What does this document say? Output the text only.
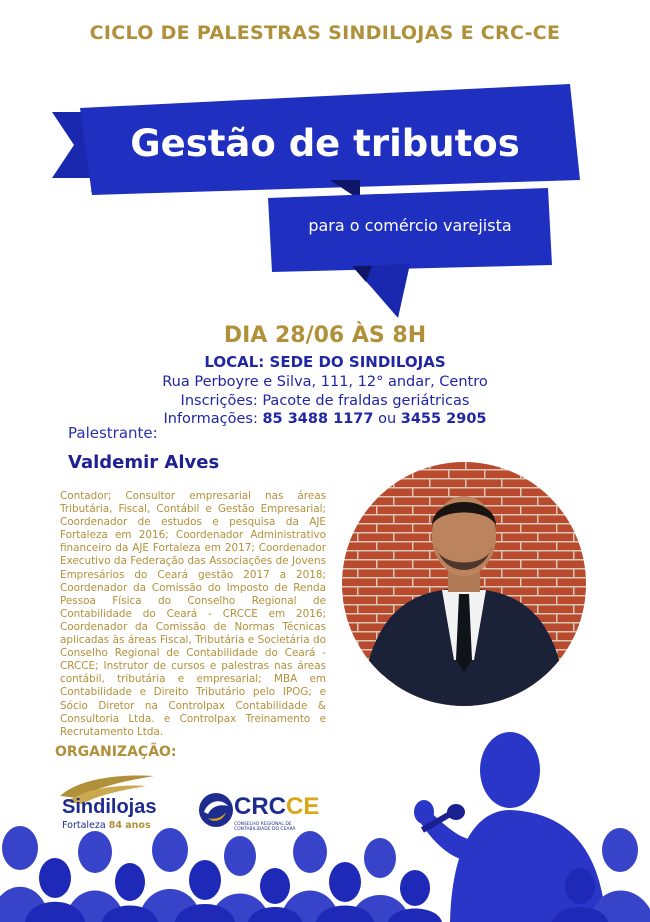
CICLO DE PALESTRAS SINDILOJAS E CRC-CE
Gestão de tributos
para o comércio varejista
DIA 28/06 ÀS 8H
LOCAL: SEDE DO SINDILOJAS
Rua Perboyre e Silva, 111, 12° andar, Centro
Inscrições: Pacote de fraldas geriátricas
Informações: 85 3488 1177 ou 3455 2905
Palestrante:
Valdemir Alves
Contador; Consultor empresarial nas áreas Tributária, Fiscal, Contábil e Gestão Empresarial; Coordenador de estudos e pesquisa da AJE Fortaleza em 2016; Coordenador Administrativo financeiro da AJE Fortaleza em 2017; Coordenador Executivo da Federação das Associações de Jovens Empresários do Ceará gestão 2017 a 2018; Coordenador da Comissão do Imposto de Renda Pessoa Física do Conselho Regional de Contabilidade do Ceará - CRCCE em 2016; Coordenador da Comissão de Normas Técnicas aplicadas às áreas Fiscal, Tributária e Societária do Conselho Regional de Contabilidade do Ceará - CRCCE; Instrutor de cursos e palestras nas áreas contábil, tributária e empresarial; MBA em Contabilidade e Direito Tributário pelo IPOG; e Sócio Diretor na Controlpax Contabilidade & Consultoria Ltda. e Controlpax Treinamento e Recrutamento Ltda.
ORGANIZAÇÃO:
Sindilojas
Fortaleza 84 anos
CRCCE
CONSELHO REGIONAL DE CONTABILIDADE DO CEARÁ
